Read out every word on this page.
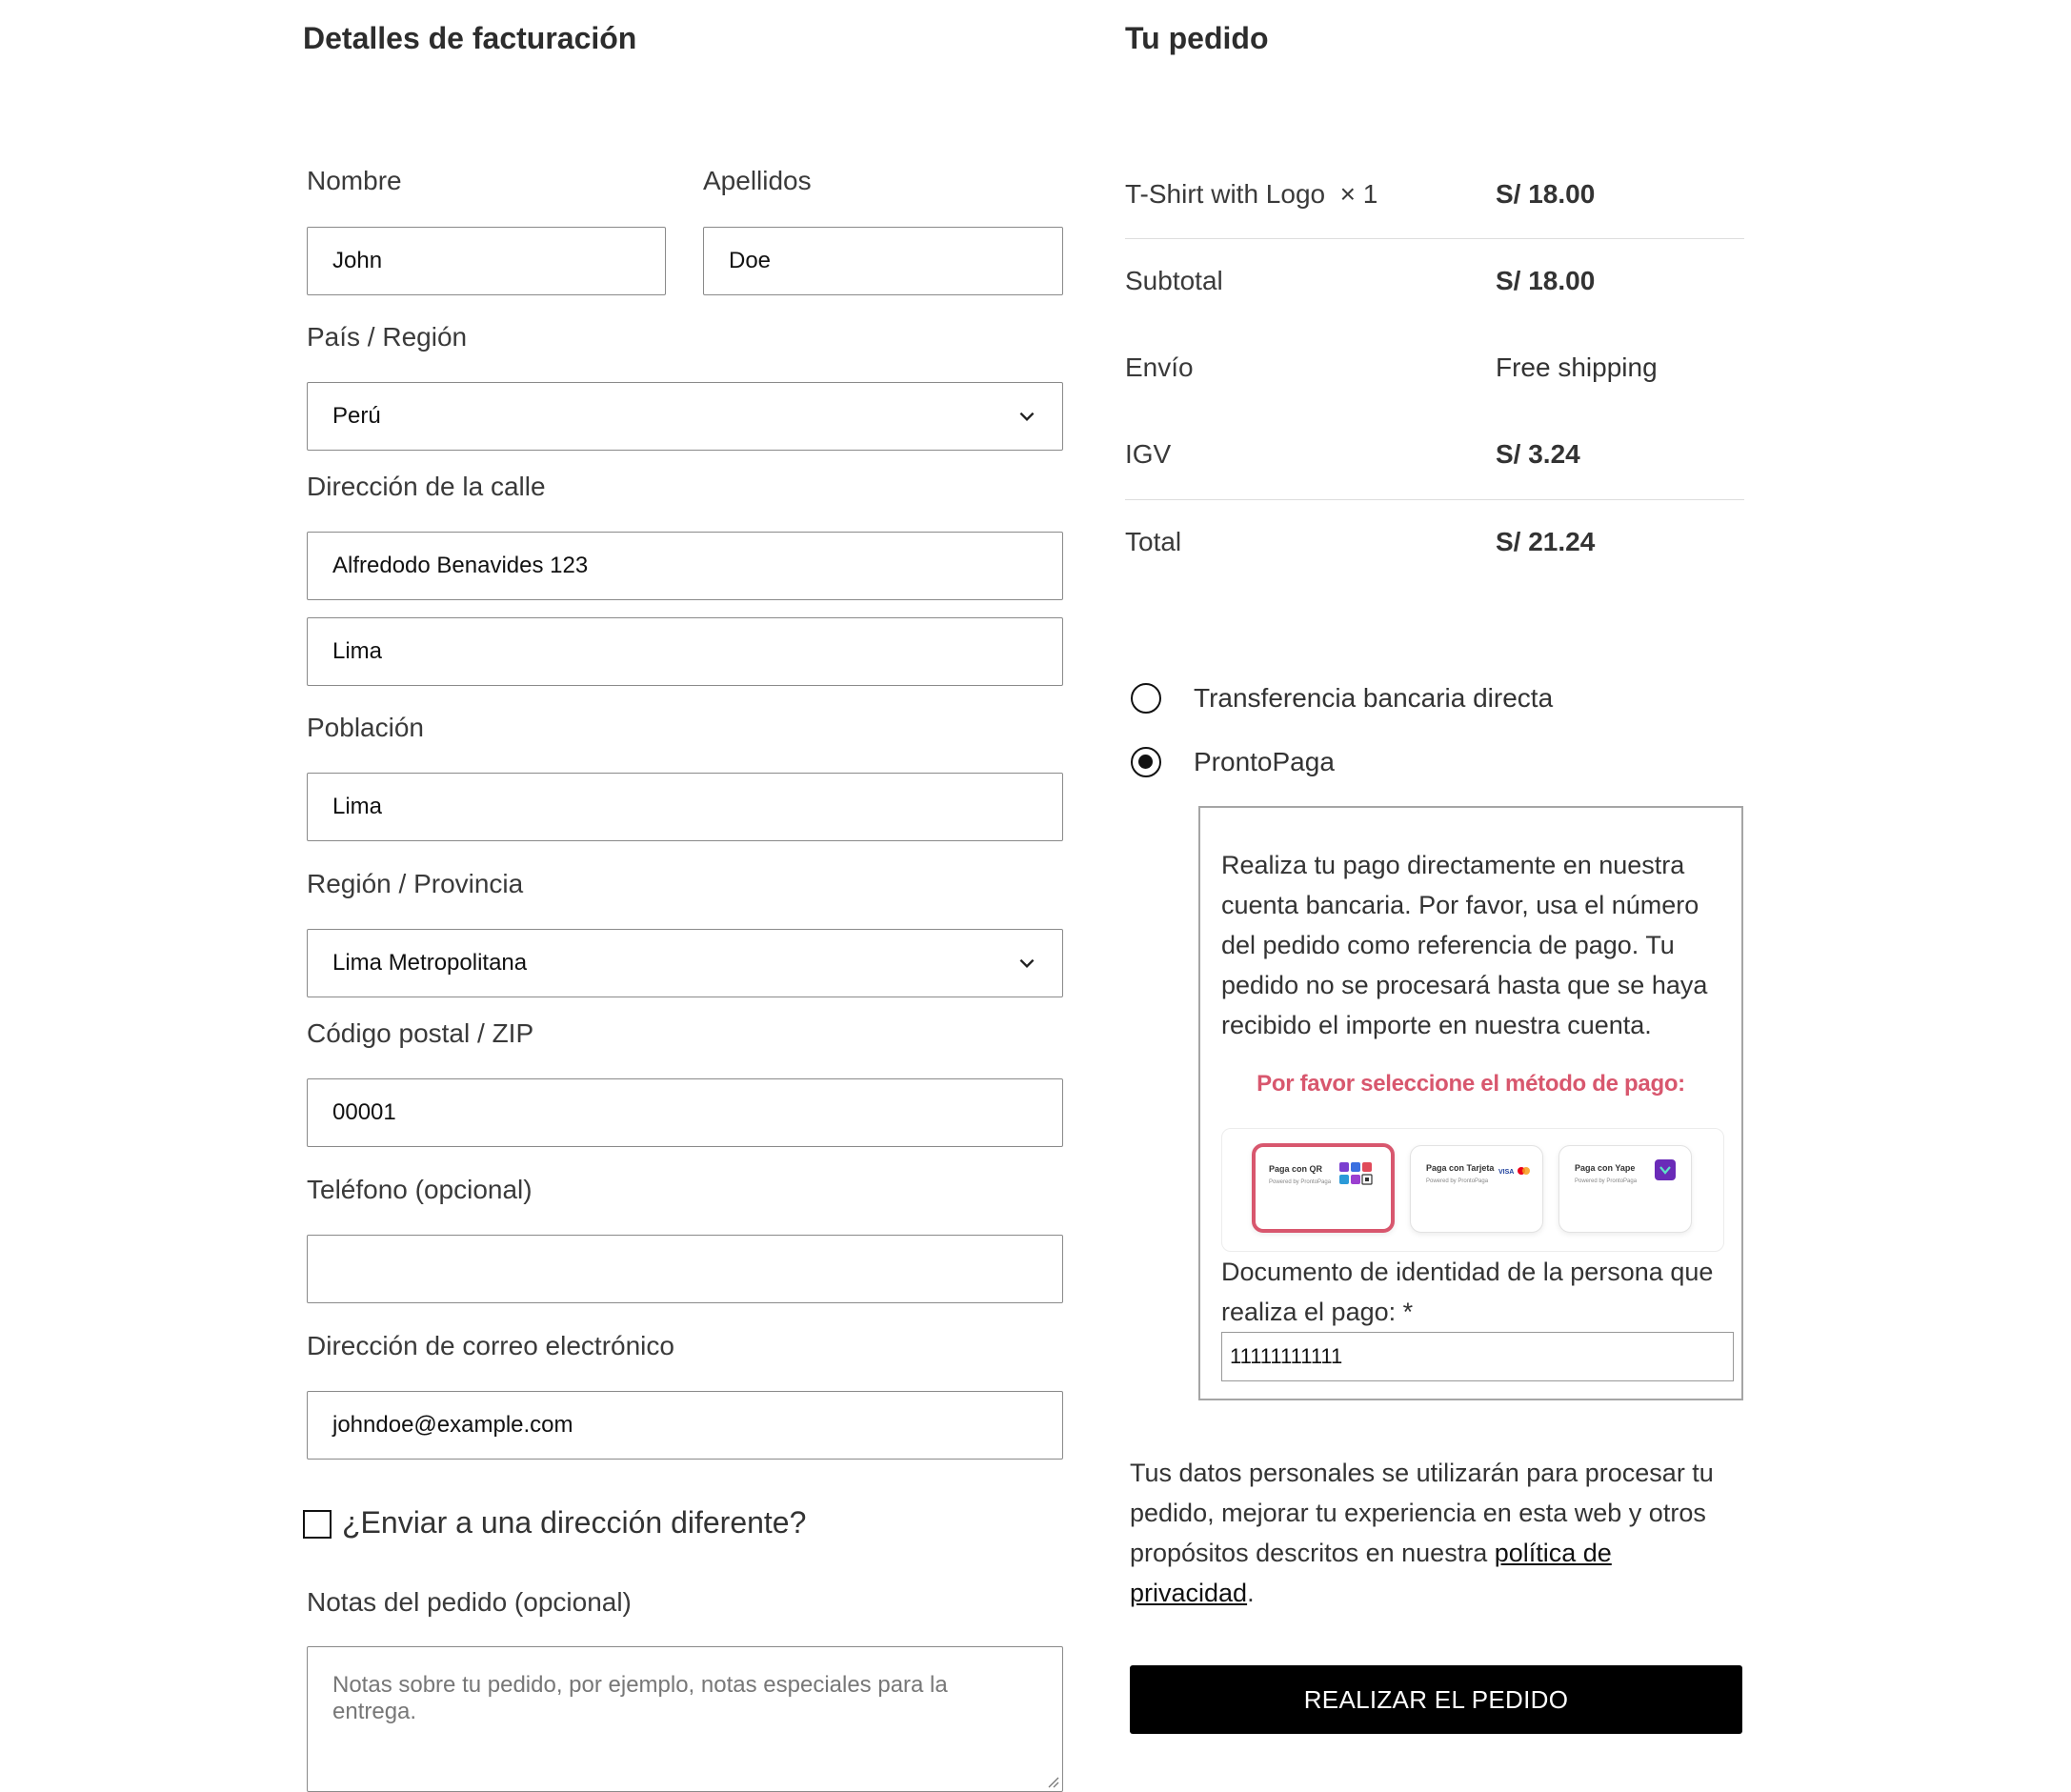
Detalles de facturación
Nombre	Apellidos
John	Doe
País / Región
Perú
Dirección de la calle
Alfredodo Benavides 123
Lima
Población
Lima
Región / Provincia
Lima Metropolitana
Código postal / ZIP
00001
Teléfono (opcional)
Dirección de correo electrónico
johndoe@example.com
¿Enviar a una dirección diferente?
Notas del pedido (opcional)
Notas sobre tu pedido, por ejemplo, notas especiales para la entrega.
Tu pedido
T-Shirt with Logo × 1	S/ 18.00
Subtotal	S/ 18.00
Envío	Free shipping
IGV	S/ 3.24
Total	S/ 21.24
Transferencia bancaria directa
ProntoPaga
Realiza tu pago directamente en nuestra cuenta bancaria. Por favor, usa el número del pedido como referencia de pago. Tu pedido no se procesará hasta que se haya recibido el importe en nuestra cuenta.
Por favor seleccione el método de pago:
Paga con QR
Powered by ProntoPaga
Paga con Tarjeta
Powered by ProntoPaga
VISA	Paga con Yape
Powered by ProntoPaga
Documento de identidad de la persona que realiza el pago: *
11111111111
Tus datos personales se utilizarán para procesar tu pedido, mejorar tu experiencia en esta web y otros propósitos descritos en nuestra política de
privacidad.
REALIZAR EL PEDIDO
